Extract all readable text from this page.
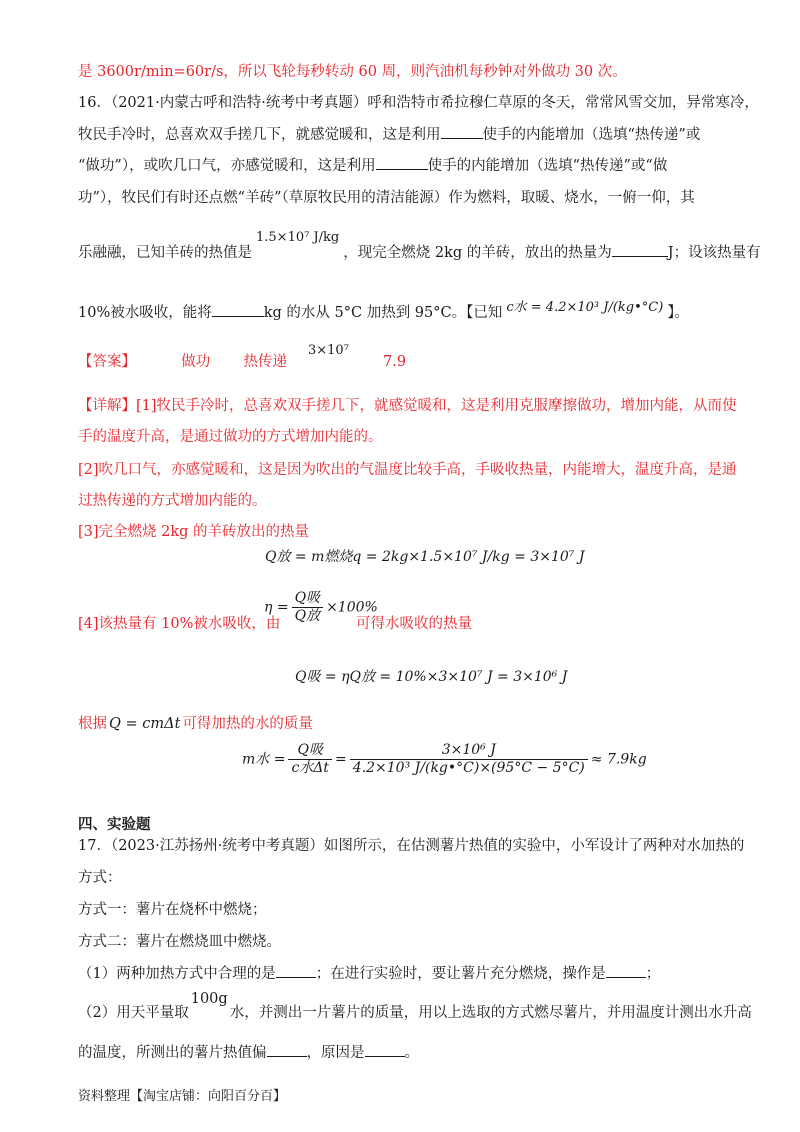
是 3600r/min=60r/s，所以飞轮每秒转动 60 周，则汽油机每秒钟对外做功 30 次。
16．（2021·内蒙古呼和浩特·统考中考真题）呼和浩特市希拉穆仁草原的冬天，常常风雪交加，异常寒冷，
牧民手冷时，总喜欢双手搓几下，就感觉暖和，这是利用	使手的内能增加（选填“热传递”或
“做功”），或吹几口气，亦感觉暖和，这是利用	使手的内能增加（选填“热传递”或“做
功”），牧民们有时还点燃“羊砖”（草原牧民用的清洁能源）作为燃料，取暖、烧水，一俯一仰，其
乐融融，已知羊砖的热值是1.5×10⁷ J/kg，现完全燃烧 2kg 的羊砖，放出的热量为	J；设该热量有
10%被水吸收，能将	kg 的水从 5°C 加热到 95°C。【已知 c水 = 4.2×10³ J/(kg•°C) 】。
【答案】	做功 热传递
3×10⁷
7.9
【详解】[1]牧民手冷时，总喜欢双手搓几下，就感觉暖和，这是利用克服摩擦做功，增加内能，从而使
手的温度升高，是通过做功的方式增加内能的。
[2]吹几口气，亦感觉暖和，这是因为吹出的气温度比较手高，手吸收热量，内能增大，温度升高，是通
过热传递的方式增加内能的。
[3]完全燃烧 2kg 的羊砖放出的热量
Q放 = m燃烧q = 2kg×1.5×10⁷ J/kg = 3×10⁷ J
[4]该热量有 10%被水吸收，由
$\eta = \frac{\text{Q吸}}{\text{Q放}} \times 100\%$
可得水吸收的热量
Q吸 = ηQ放 = 10%×3×10⁷ J = 3×10⁶ J
根据 Q = cmΔt 可得加热的水的质量
m水 = $\frac{\text{Q吸}}{\text{c水Δt}} = \frac{\text{3×10⁶ J}}{\text{4.2×10³ J/(kg•°C)×(95°C − 5°C)}} \approx 7.9kg$
四、实验题
17．（2023·江苏扬州·统考中考真题）如图所示，在估测薯片热值的实验中，小军设计了两种对水加热的
方式：
方式一：薯片在烧杯中燃烧；
方式二：薯片在燃烧皿中燃烧。
（1）两种加热方式中合理的是	；在进行实验时，要让薯片充分燃烧，操作是	；
（2）用天平量取100g水，并测出一片薯片的质量，用以上选取的方式燃尽薯片，并用温度计测出水升高
的温度，所测出的薯片热值偏	，原因是	。
资料整理【淘宝店铺：向阳百分百】
